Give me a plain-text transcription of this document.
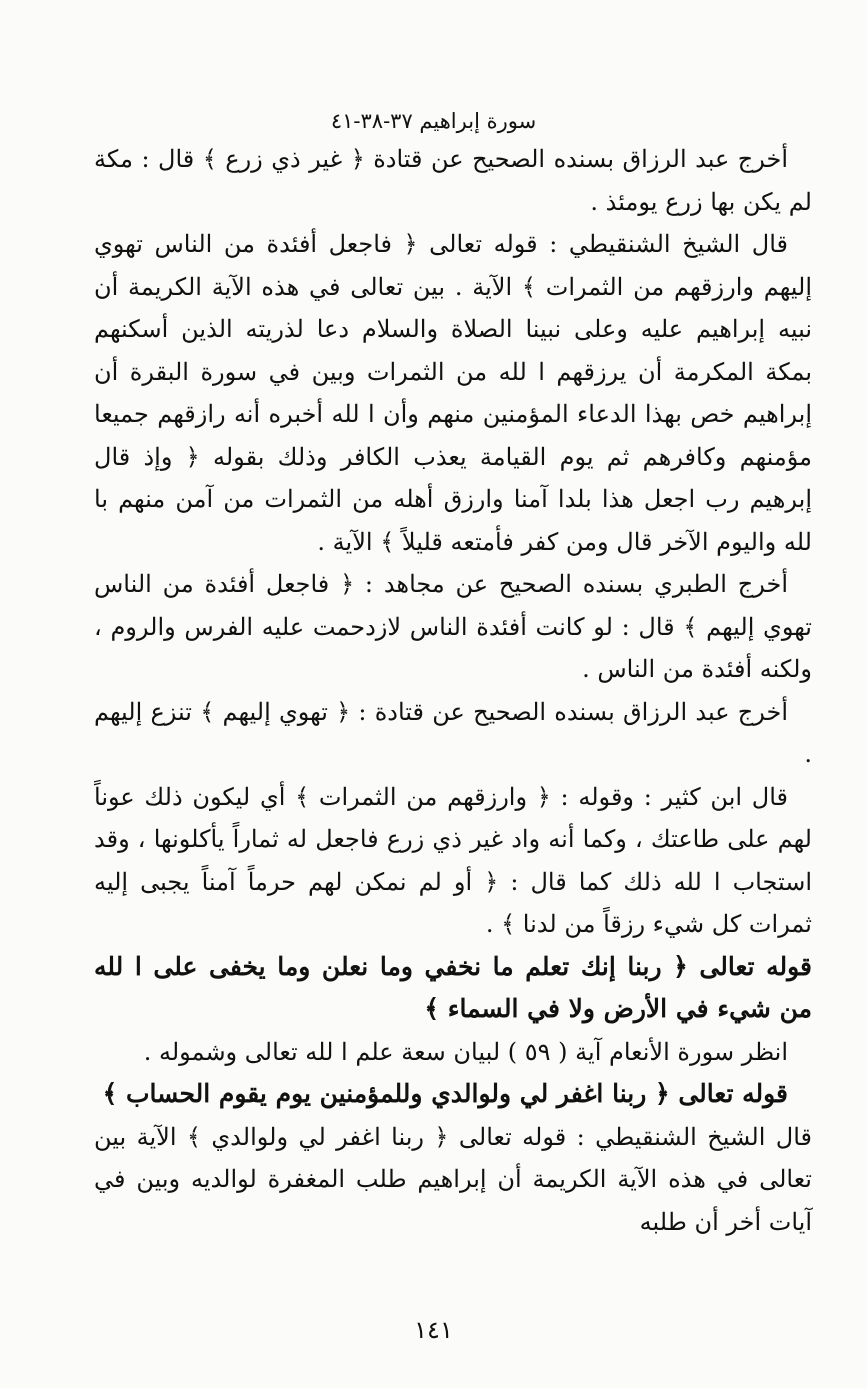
سورة إبراهيم ٣٧-٣٨-٤١

أخرج عبد الرزاق بسنده الصحيح عن قتادة ﴿ غير ذي زرع ﴾ قال : مكة لم يكن بها زرع يومئذ .

قال الشيخ الشنقيطي : قوله تعالى ﴿ فاجعل أفئدة من الناس تهوي إليهم وارزقهم من الثمرات ﴾ الآية . بين تعالى في هذه الآية الكريمة أن نبيه إبراهيم عليه وعلى نبينا الصلاة والسلام دعا لذريته الذين أسكنهم بمكة المكرمة أن يرزقهم ا لله من الثمرات وبين في سورة البقرة أن إبراهيم خص بهذا الدعاء المؤمنين منهم وأن ا لله أخبره أنه رازقهم جميعا مؤمنهم وكافرهم ثم يوم القيامة يعذب الكافر وذلك بقوله ﴿ وإذ قال إبرهيم رب اجعل هذا بلدا آمنا وارزق أهله من الثمرات من آمن منهم با لله واليوم الآخر قال ومن كفر فأمتعه قليلاً ﴾ الآية .

أخرج الطبري بسنده الصحيح عن مجاهد : ﴿ فاجعل أفئدة من الناس تهوي إليهم ﴾ قال : لو كانت أفئدة الناس لازدحمت عليه الفرس والروم ، ولكنه أفئدة من الناس .

أخرج عبد الرزاق بسنده الصحيح عن قتادة : ﴿ تهوي إليهم ﴾ تنزع إليهم .

قال ابن كثير : وقوله : ﴿ وارزقهم من الثمرات ﴾ أي ليكون ذلك عوناً لهم على طاعتك ، وكما أنه واد غير ذي زرع فاجعل له ثماراً يأكلونها ، وقد استجاب ا لله ذلك كما قال : ﴿ أو لم نمكن لهم حرماً آمناً يجبى إليه ثمرات كل شيء رزقاً من لدنا ﴾ .

قوله تعالى ﴿ ربنا إنك تعلم ما نخفي وما نعلن وما يخفى على ا لله من شيء في الأرض ولا في السماء ﴾

انظر سورة الأنعام آية ( ٥٩ ) لبيان سعة علم ا لله تعالى وشموله .

قوله تعالى ﴿ ربنا اغفر لي ولوالدي وللمؤمنين يوم يقوم الحساب ﴾

قال الشيخ الشنقيطي : قوله تعالى ﴿ ربنا اغفر لي ولوالدي ﴾ الآية بين تعالى في هذه الآية الكريمة أن إبراهيم طلب المغفرة لوالديه وبين في آيات أخر أن طلبه

١٤١
